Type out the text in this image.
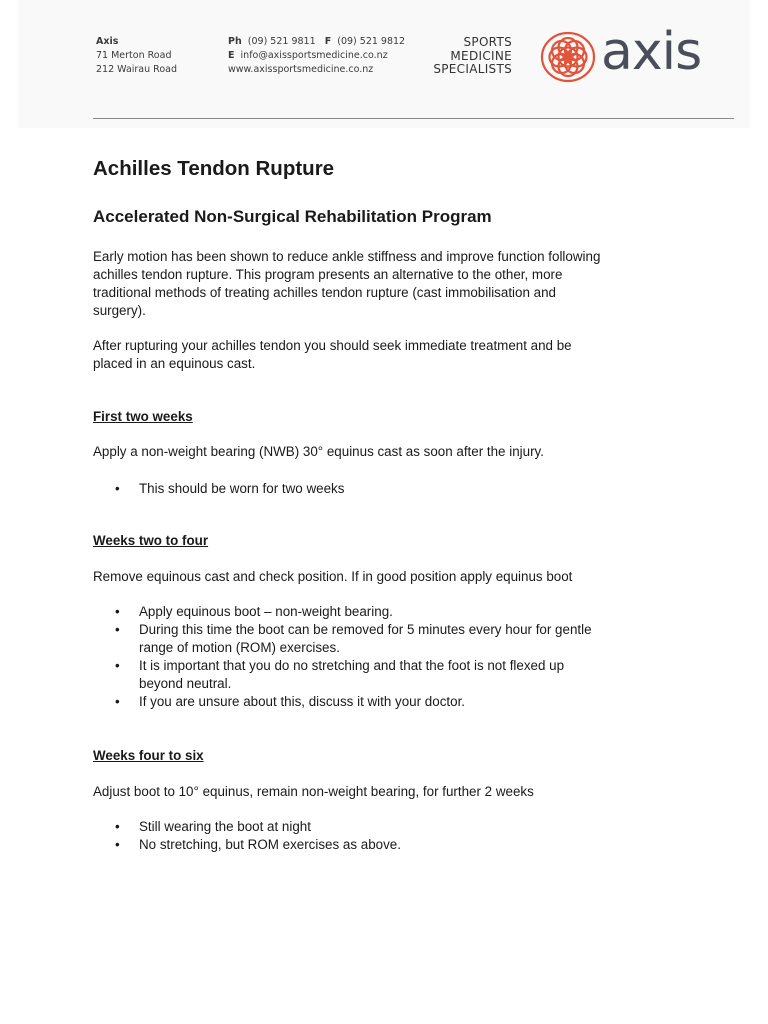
Axis
71 Merton Road
212 Wairau Road
Ph (09) 521 9811 F (09) 521 9812
E info@axissportsmedicine.co.nz
www.axissportsmedicine.co.nz
SPORTS
MEDICINE
SPECIALISTS axis
Achilles Tendon Rupture
Accelerated Non-Surgical Rehabilitation Program
Early motion has been shown to reduce ankle stiffness and improve function following
achilles tendon rupture. This program presents an alternative to the other, more
traditional methods of treating achilles tendon rupture (cast immobilisation and
surgery).
After rupturing your achilles tendon you should seek immediate treatment and be
placed in an equinous cast.
First two weeks
Apply a non-weight bearing (NWB) 30° equinus cast as soon after the injury.
• This should be worn for two weeks
Weeks two to four
Remove equinous cast and check position. If in good position apply equinus boot
• Apply equinous boot – non-weight bearing.
• During this time the boot can be removed for 5 minutes every hour for gentle range of motion (ROM) exercises.
• It is important that you do no stretching and that the foot is not flexed up beyond neutral.
• If you are unsure about this, discuss it with your doctor.
Weeks four to six
Adjust boot to 10° equinus, remain non-weight bearing, for further 2 weeks
• Still wearing the boot at night
• No stretching, but ROM exercises as above.
